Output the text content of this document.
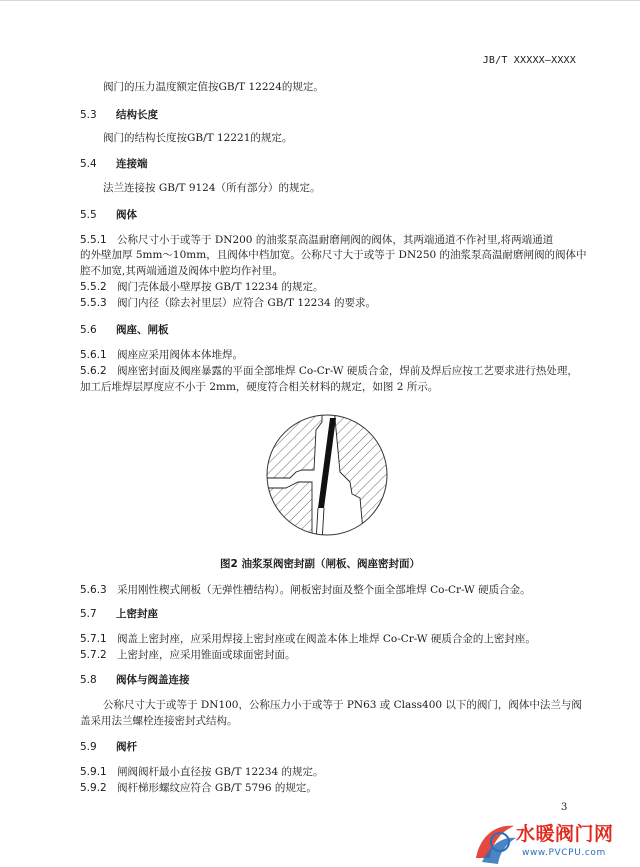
JB/T XXXXX—XXXX
阀门的压力温度额定值按GB/T 12224的规定。
5.3 结构长度
阀门的结构长度按GB/T 12221的规定。
5.4 连接端
法兰连接按 GB/T 9124（所有部分）的规定。
5.5 阀体
5.5.1 公称尺寸小于或等于 DN200 的油浆泵高温耐磨闸阀的阀体，其两端通道不作衬里,将两端通道
的外壁加厚 5mm～10mm，且阀体中档加宽。公称尺寸大于或等于 DN250 的油浆泵高温耐磨闸阀的阀体中
腔不加宽,其两端通道及阀体中腔均作衬里。
5.5.2 阀门壳体最小壁厚按 GB/T 12234 的规定。
5.5.3 阀门内径（除去衬里层）应符合 GB/T 12234 的要求。
5.6 阀座、闸板
5.6.1 阀座应采用阀体本体堆焊。
5.6.2 阀座密封面及阀座暴露的平面全部堆焊 Co-Cr-W 硬质合金，焊前及焊后应按工艺要求进行热处理，
加工后堆焊层厚度应不小于 2mm，硬度符合相关材料的规定，如图 2 所示。
图2 油浆泵阀密封副（闸板、阀座密封面）
5.6.3 采用刚性楔式闸板（无弹性槽结构）。闸板密封面及整个面全部堆焊 Co-Cr-W 硬质合金。
5.7 上密封座
5.7.1 阀盖上密封座，应采用焊接上密封座或在阀盖本体上堆焊 Co-Cr-W 硬质合金的上密封座。
5.7.2 上密封座，应采用锥面或球面密封面。
5.8 阀体与阀盖连接
公称尺寸大于或等于 DN100，公称压力小于或等于 PN63 或 Class400 以下的阀门，阀体中法兰与阀
盖采用法兰螺栓连接密封式结构。
5.9 阀杆
5.9.1 闸阀阀杆最小直径按 GB/T 12234 的规定。
5.9.2 阀杆梯形螺纹应符合 GB/T 5796 的规定。
3
水暖阀门网
www.PVCPU.com
